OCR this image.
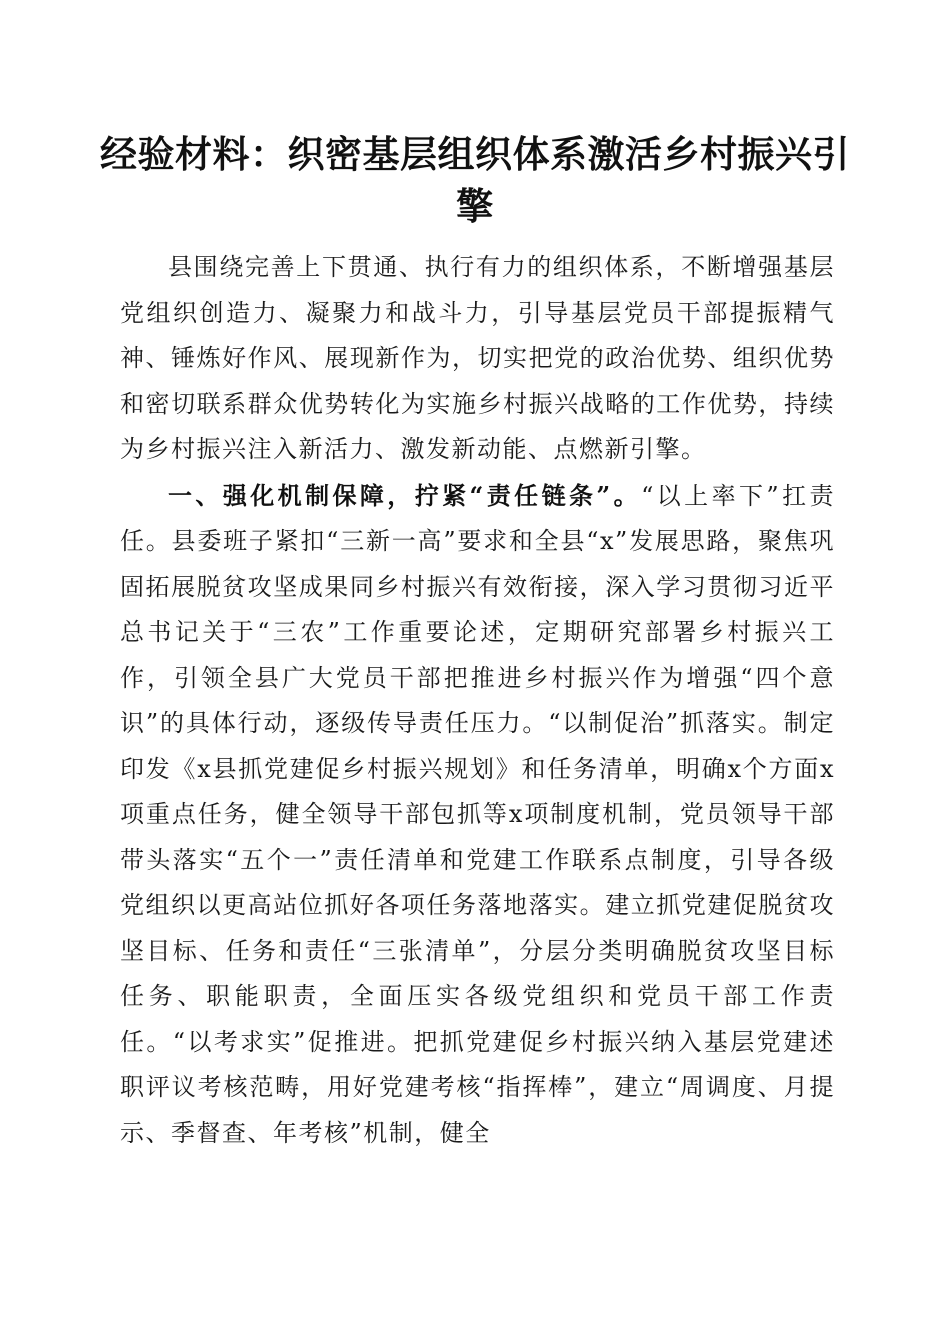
经验材料：织密基层组织体系激活乡村振兴引擎

县围绕完善上下贯通、执行有力的组织体系，不断增强基层党组织创造力、凝聚力和战斗力，引导基层党员干部提振精气神、锤炼好作风、展现新作为，切实把党的政治优势、组织优势和密切联系群众优势转化为实施乡村振兴战略的工作优势，持续为乡村振兴注入新活力、激发新动能、点燃新引擎。

一、强化机制保障，拧紧“责任链条”。“以上率下”扛责任。县委班子紧扣“三新一高”要求和全县“x”发展思路，聚焦巩固拓展脱贫攻坚成果同乡村振兴有效衔接，深入学习贯彻习近平总书记关于“三农”工作重要论述，定期研究部署乡村振兴工作，引领全县广大党员干部把推进乡村振兴作为增强“四个意识”的具体行动，逐级传导责任压力。“以制促治”抓落实。制定印发《x县抓党建促乡村振兴规划》和任务清单，明确x个方面x项重点任务，健全领导干部包抓等x项制度机制，党员领导干部带头落实“五个一”责任清单和党建工作联系点制度，引导各级党组织以更高站位抓好各项任务落地落实。建立抓党建促脱贫攻坚目标、任务和责任“三张清单”，分层分类明确脱贫攻坚目标任务、职能职责，全面压实各级党组织和党员干部工作责任。“以考求实”促推进。把抓党建促乡村振兴纳入基层党建述职评议考核范畴，用好党建考核“指挥棒”，建立“周调度、月提示、季督查、年考核”机制，健全
